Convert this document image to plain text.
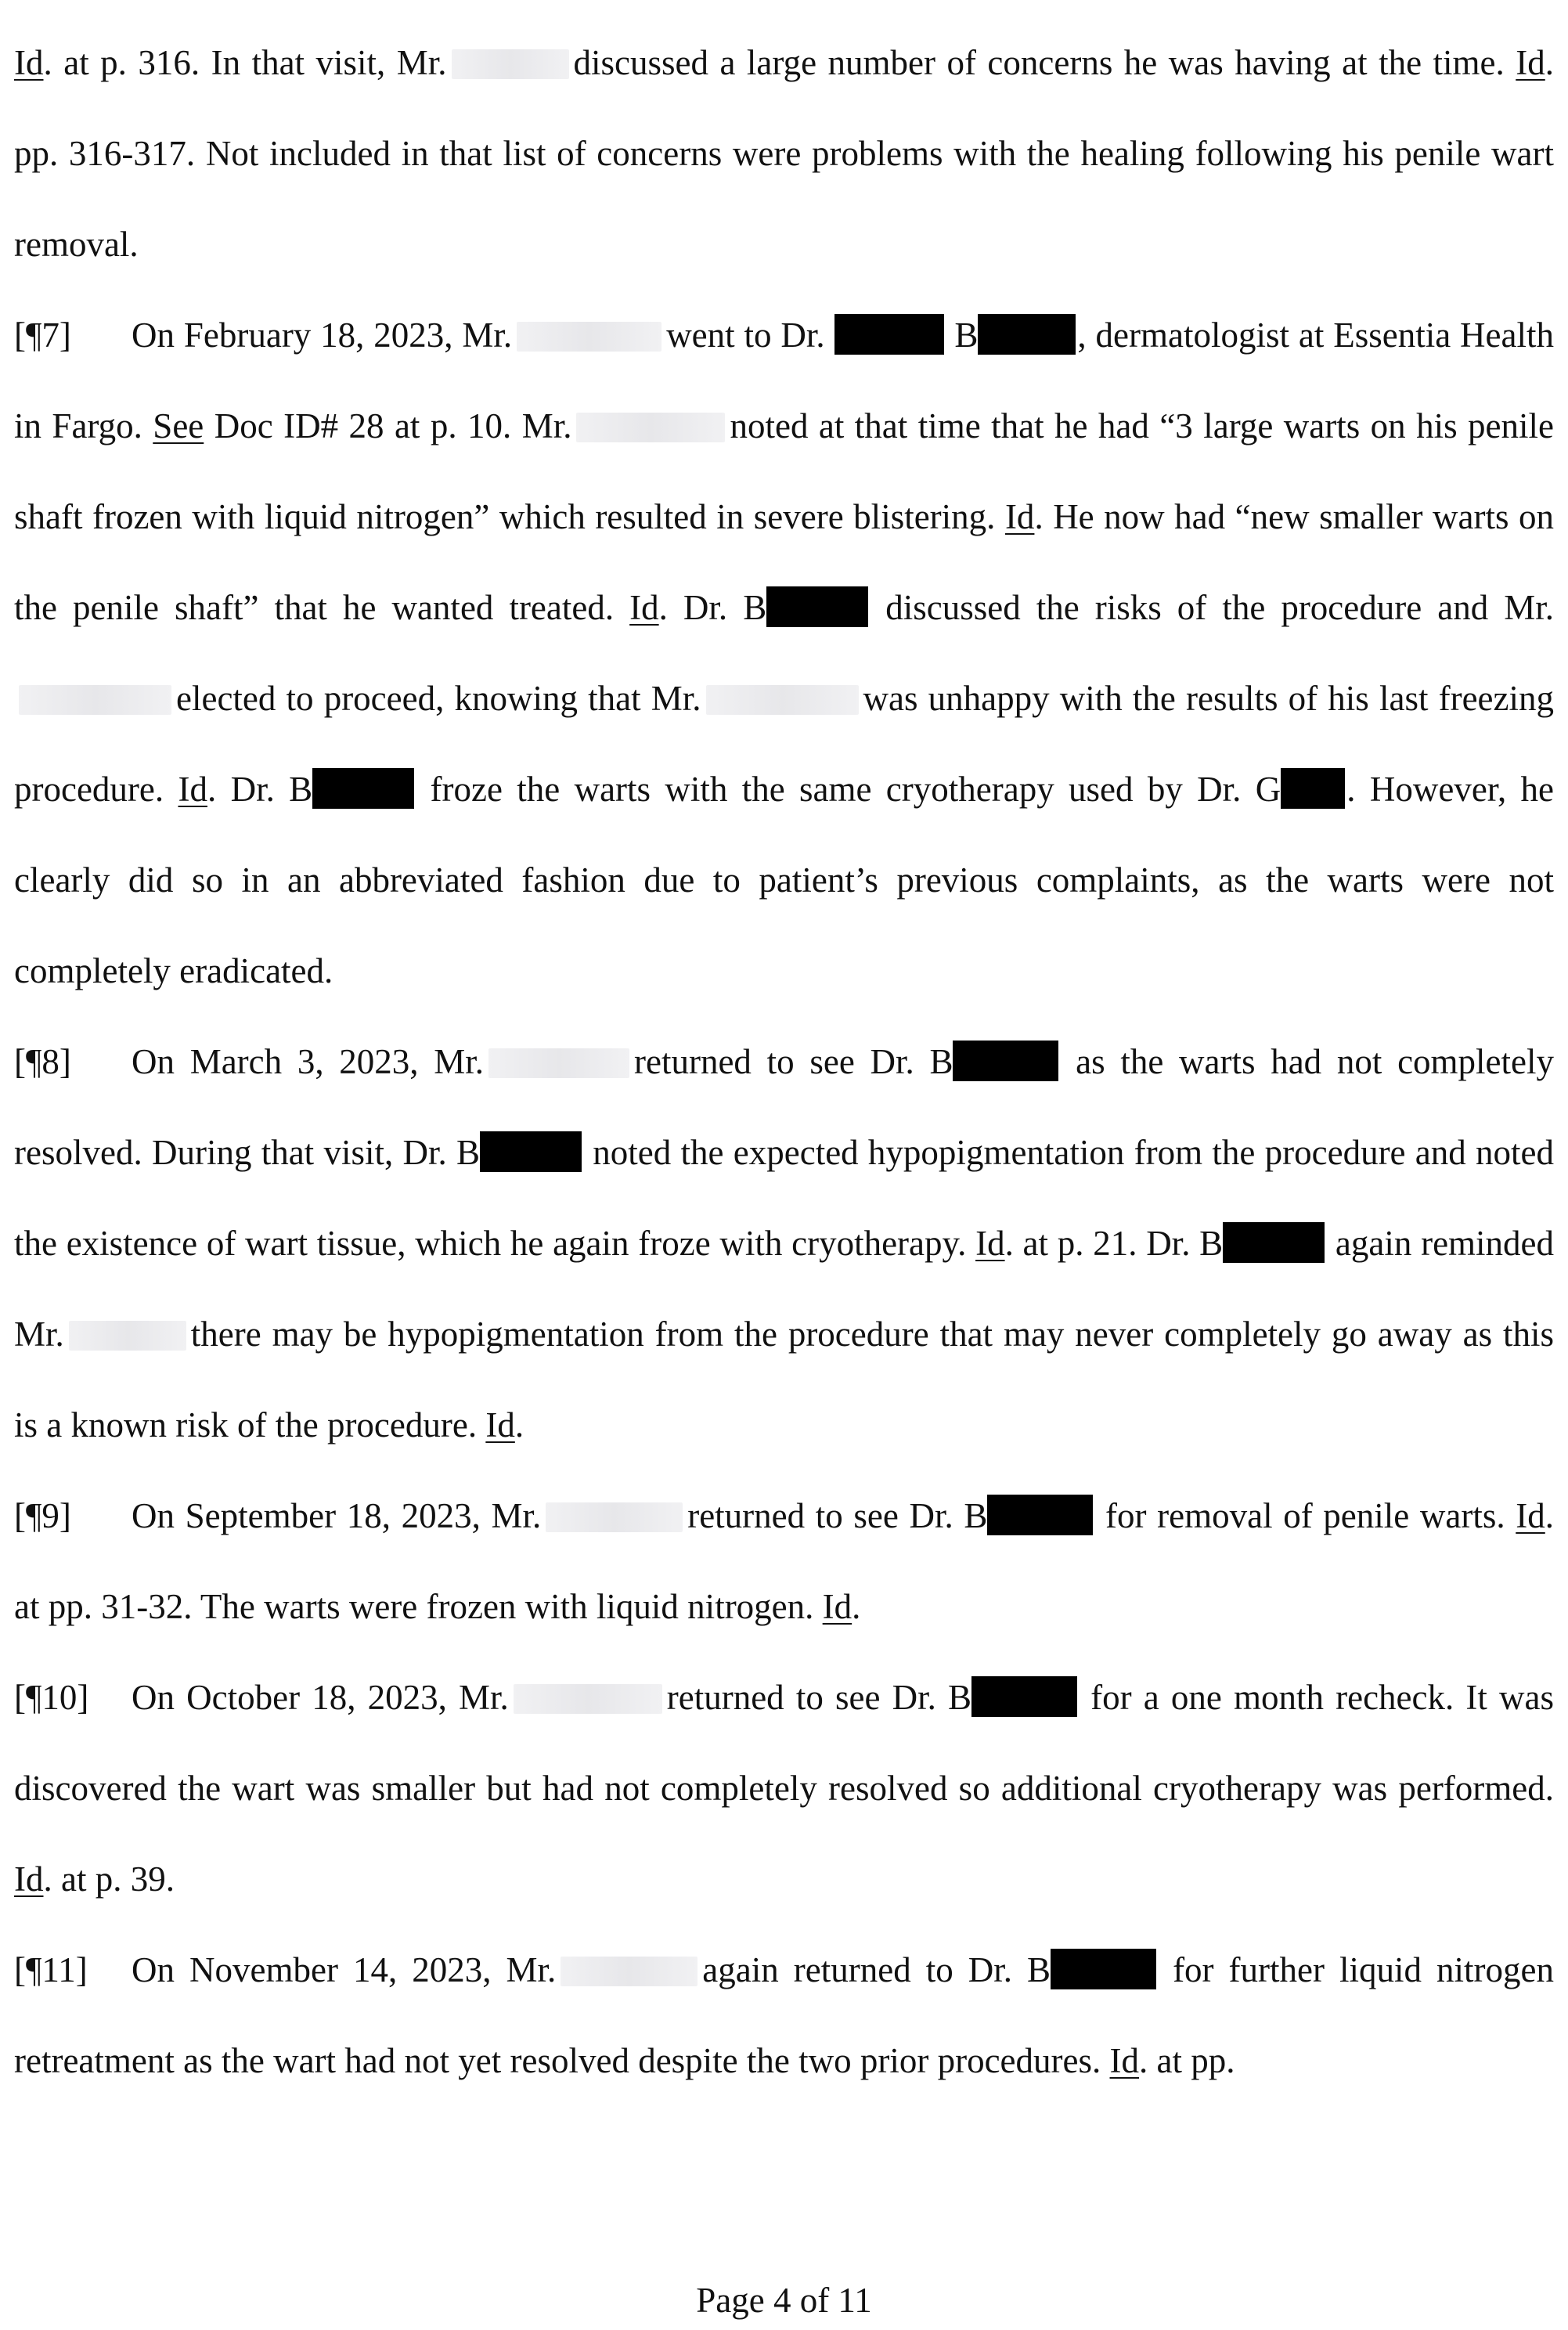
Id. at p. 316. In that visit, Mr.	discussed a large number of concerns he was having at the time. Id. pp. 316-317. Not included in that list of concerns were problems with the healing following his penile wart removal.

[¶7] On February 18, 2023, Mr.	went to Dr.	B	, dermatologist at Essentia Health in Fargo. See Doc ID# 28 at p. 10. Mr.	noted at that time that he had “3 large warts on his penile shaft frozen with liquid nitrogen” which resulted in severe blistering. Id. He now had “new smaller warts on the penile shaft” that he wanted treated. Id. Dr. B	discussed the risks of the procedure and Mr.elected to proceed, knowing that Mr.	was unhappy with the results of his last freezing procedure. Id. Dr. B	froze the warts with the same cryotherapy used by Dr. G . However, he clearly did so in an abbreviated fashion due to patient’s previous complaints, as the warts were not completely eradicated.

[¶8] On March 3, 2023, Mr.	returned to see Dr. B	as the warts had not completely resolved. During that visit, Dr. B	noted the expected hypopigmentation from the procedure and noted the existence of wart tissue, which he again froze with cryotherapy. Id. at p. 21. Dr. B	again reminded Mr.	there may be hypopigmentation from the procedure that may never completely go away as this is a known risk of the procedure. Id.

[¶9] On September 18, 2023, Mr.	returned to see Dr. B	for removal of penile warts. Id. at pp. 31-32. The warts were frozen with liquid nitrogen. Id.

[¶10] On October 18, 2023, Mr.	returned to see Dr. B	for a one month recheck. It was discovered the wart was smaller but had not completely resolved so additional cryotherapy was performed. Id. at p. 39.

[¶11] On November 14, 2023, Mr.	again returned to Dr. B	for further liquid nitrogen retreatment as the wart had not yet resolved despite the two prior procedures. Id. at pp.

Page 4 of 11
